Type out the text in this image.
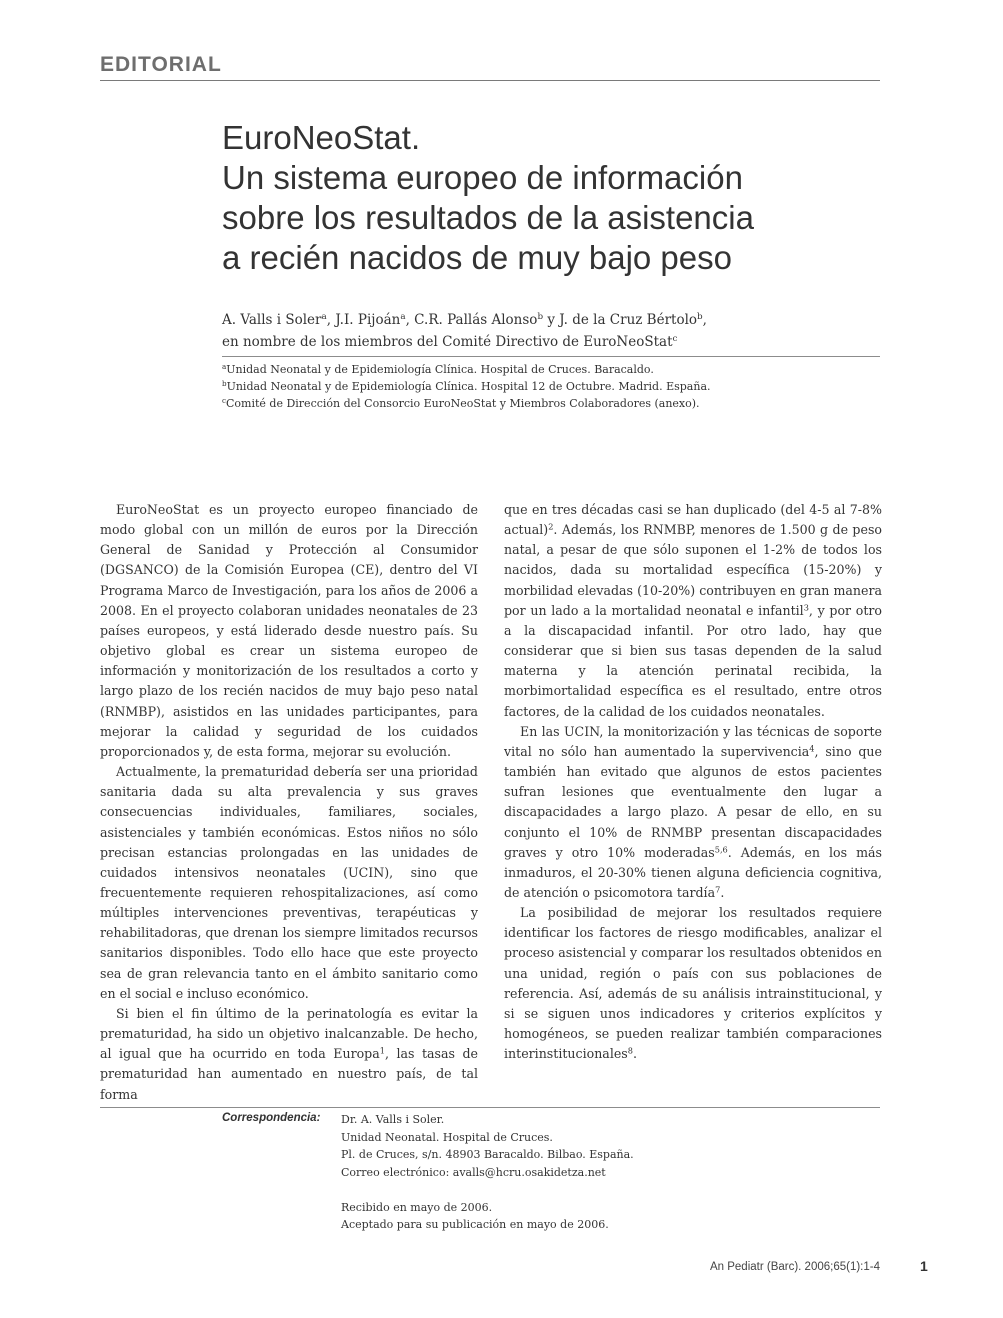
EDITORIAL
EuroNeoStat.
Un sistema europeo de información
sobre los resultados de la asistencia
a recién nacidos de muy bajo peso
A. Valls i Soler$^a$, J.I. Pijoán$^a$, C.R. Pallás Alonso$^b$ y J. de la Cruz Bértolo$^b$,
en nombre de los miembros del Comité Directivo de EuroNeoStat$^c$
$^a$Unidad Neonatal y de Epidemiología Clínica. Hospital de Cruces. Baracaldo.
$^b$Unidad Neonatal y de Epidemiología Clínica. Hospital 12 de Octubre. Madrid. España.
$^c$Comité de Dirección del Consorcio EuroNeoStat y Miembros Colaboradores (anexo).

EuroNeoStat es un proyecto europeo financiado de modo global con un millón de euros por la Dirección General de Sanidad y Protección al Consumidor (DGSANCO) de la Comisión Europea (CE), dentro del VI Programa Marco de Investigación, para los años de 2006 a 2008. En el proyecto colaboran unidades neonatales de 23 países europeos, y está liderado desde nuestro país. Su objetivo global es crear un sistema europeo de información y monitorización de los resultados a corto y largo plazo de los recién nacidos de muy bajo peso natal (RNMBP), asistidos en las unidades participantes, para mejorar la calidad y seguridad de los cuidados proporcionados y, de esta forma, mejorar su evolución.

Actualmente, la prematuridad debería ser una prioridad sanitaria dada su alta prevalencia y sus graves consecuencias individuales, familiares, sociales, asistenciales y también económicas. Estos niños no sólo precisan estancias prolongadas en las unidades de cuidados intensivos neonatales (UCIN), sino que frecuentemente requieren rehospitalizaciones, así como múltiples intervenciones preventivas, terapéuticas y rehabilitadoras, que drenan los siempre limitados recursos sanitarios disponibles. Todo ello hace que este proyecto sea de gran relevancia tanto en el ámbito sanitario como en el social e incluso económico.

Si bien el fin último de la perinatología es evitar la prematuridad, ha sido un objetivo inalcanzable. De hecho, al igual que ha ocurrido en toda Europa$^1$, las tasas de prematuridad han aumentado en nuestro país, de tal forma

que en tres décadas casi se han duplicado (del 4-5 al 7-8% actual)$^2$. Además, los RNMBP, menores de 1.500 g de peso natal, a pesar de que sólo suponen el 1-2% de todos los nacidos, dada su mortalidad específica (15-20%) y morbilidad elevadas (10-20%) contribuyen en gran manera por un lado a la mortalidad neonatal e infantil$^3$, y por otro a la discapacidad infantil. Por otro lado, hay que considerar que si bien sus tasas dependen de la salud materna y la atención perinatal recibida, la morbimortalidad específica es el resultado, entre otros factores, de la calidad de los cuidados neonatales.

En las UCIN, la monitorización y las técnicas de soporte vital no sólo han aumentado la supervivencia$^4$, sino que también han evitado que algunos de estos pacientes sufran lesiones que eventualmente den lugar a discapacidades a largo plazo. A pesar de ello, en su conjunto el 10% de RNMBP presentan discapacidades graves y otro 10% moderadas$^{5,6}$. Además, en los más inmaduros, el 20-30% tienen alguna deficiencia cognitiva, de atención o psicomotora tardía$^7$.

La posibilidad de mejorar los resultados requiere identificar los factores de riesgo modificables, analizar el proceso asistencial y comparar los resultados obtenidos en una unidad, región o país con sus poblaciones de referencia. Así, además de su análisis intrainstitucional, y si se siguen unos indicadores y criterios explícitos y homogéneos, se pueden realizar también comparaciones interinstitucionales$^8$.

Correspondencia: Dr. A. Valls i Soler.
Unidad Neonatal. Hospital de Cruces.
Pl. de Cruces, s/n. 48903 Baracaldo. Bilbao. España.
Correo electrónico: avalls@hcru.osakidetza.net
Recibido en mayo de 2006.
Aceptado para su publicación en mayo de 2006.
An Pediatr (Barc). 2006;65(1):1-4	1
